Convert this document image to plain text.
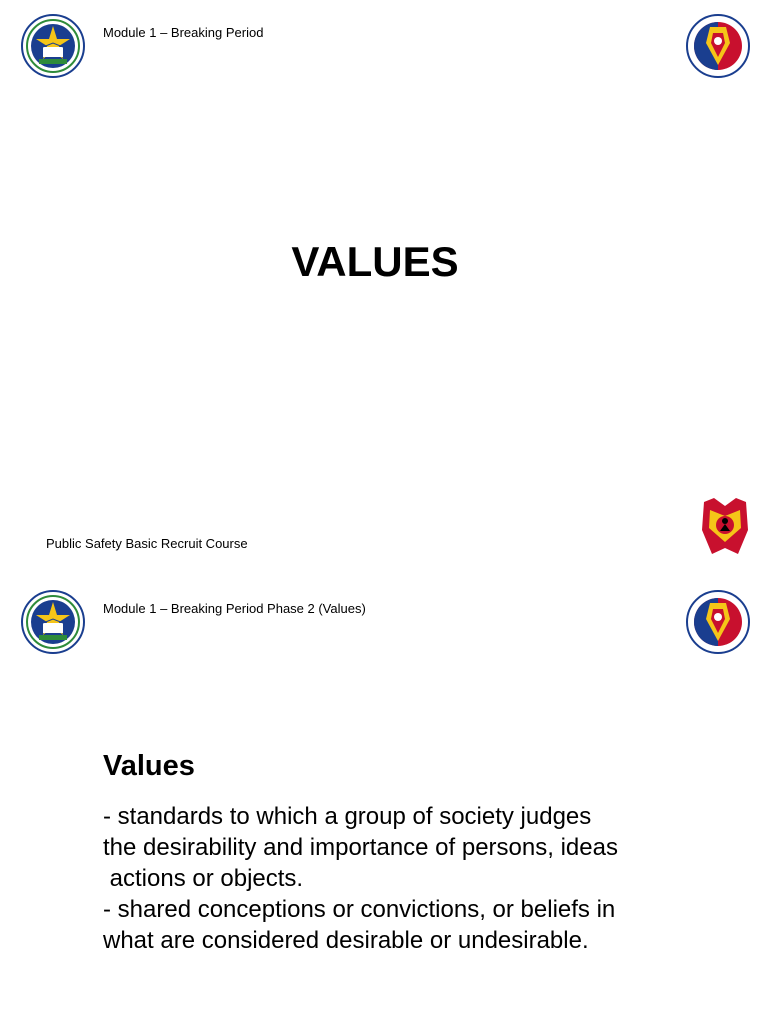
Module 1 – Breaking Period
VALUES
Public Safety Basic Recruit Course
Module 1 – Breaking Period Phase 2 (Values)
Values

- standards to which a group of society judges

the desirability and importance of persons, ideas

actions or objects.

- shared conceptions or convictions, or beliefs in

what are considered desirable or undesirable.
